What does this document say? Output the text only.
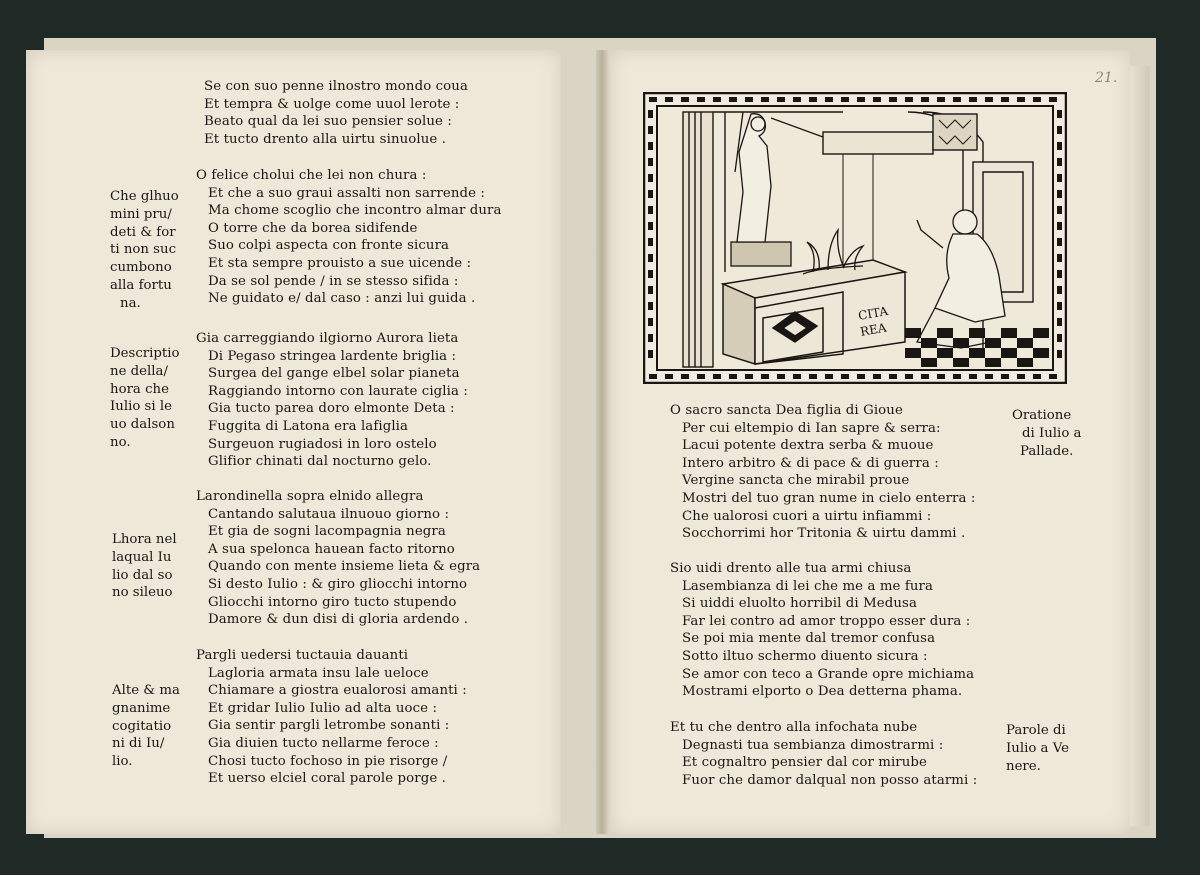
21.
Se con suo penne ilnostro mondo coua
Et tempra & uolge come uuol lerote :
Beato qual da lei suo pensier solue :
Et tucto drento alla uirtu sinuolue .
O felice cholui che lei non chura :
Et che a suo graui assalti non sarrende :
Ma chome scoglio che incontro almar dura
O torre che da borea sidifende
Suo colpi aspecta con fronte sicura
Et sta sempre prouisto a sue uicende :
Da se sol pende / in se stesso sifida :
Ne guidato e/ dal caso : anzi lui guida .
Gia carreggiando ilgiorno Aurora lieta
Di Pegaso stringea lardente briglia :
Surgea del gange elbel solar pianeta
Raggiando intorno con laurate ciglia :
Gia tucto parea doro elmonte Deta :
Fuggita di Latona era lafiglia
Surgeuon rugiadosi in loro ostelo
Glifior chinati dal nocturno gelo.
Larondinella sopra elnido allegra
Cantando salutaua ilnuouo giorno :
Et gia de sogni lacompagnia negra
A sua spelonca hauean facto ritorno
Quando con mente insieme lieta & egra
Si desto Iulio : & giro gliocchi intorno
Gliocchi intorno giro tucto stupendo
Damore & dun disi di gloria ardendo .
Pargli uedersi tuctauia dauanti
Lagloria armata insu lale ueloce
Chiamare a giostra eualorosi amanti :
Et gridar Iulio Iulio ad alta uoce :
Gia sentir pargli letrombe sonanti :
Gia diuien tucto nellarme feroce :
Chosi tucto fochoso in pie risorge /
Et uerso elciel coral parole porge .
Che glhuo
mini pru/
deti & for
ti non suc
cumbono
alla fortu
na.
Descriptio
ne della/
hora che
Iulio si le
uo dalson
no.
Lhora nel
laqual Iu
lio dal so
no sileuo
Alte & ma
gnanime
cogitatio
ni di Iu/
lio.
CITA
REA
O sacro sancta Dea figlia di Gioue
Per cui eltempio di Ian sapre & serra:
Lacui potente dextra serba & muoue
Intero arbitro & di pace & di guerra :
Vergine sancta che mirabil proue
Mostri del tuo gran nume in cielo enterra :
Che ualorosi cuori a uirtu infiammi :
Socchorrimi hor Tritonia & uirtu dammi .
Sio uidi drento alle tua armi chiusa
Lasembianza di lei che me a me fura
Si uiddi eluolto horribil di Medusa
Far lei contro ad amor troppo esser dura :
Se poi mia mente dal tremor confusa
Sotto iltuo schermo diuento sicura :
Se amor con teco a Grande opre michiama
Mostrami elporto o Dea detterna phama.
Et tu che dentro alla infochata nube
Degnasti tua sembianza dimostrarmi :
Et cognaltro pensier dal cor mirube
Fuor che damor dalqual non posso atarmi :
Oratione
di Iulio a
Pallade.
Parole di
Iulio a Ve
nere.
